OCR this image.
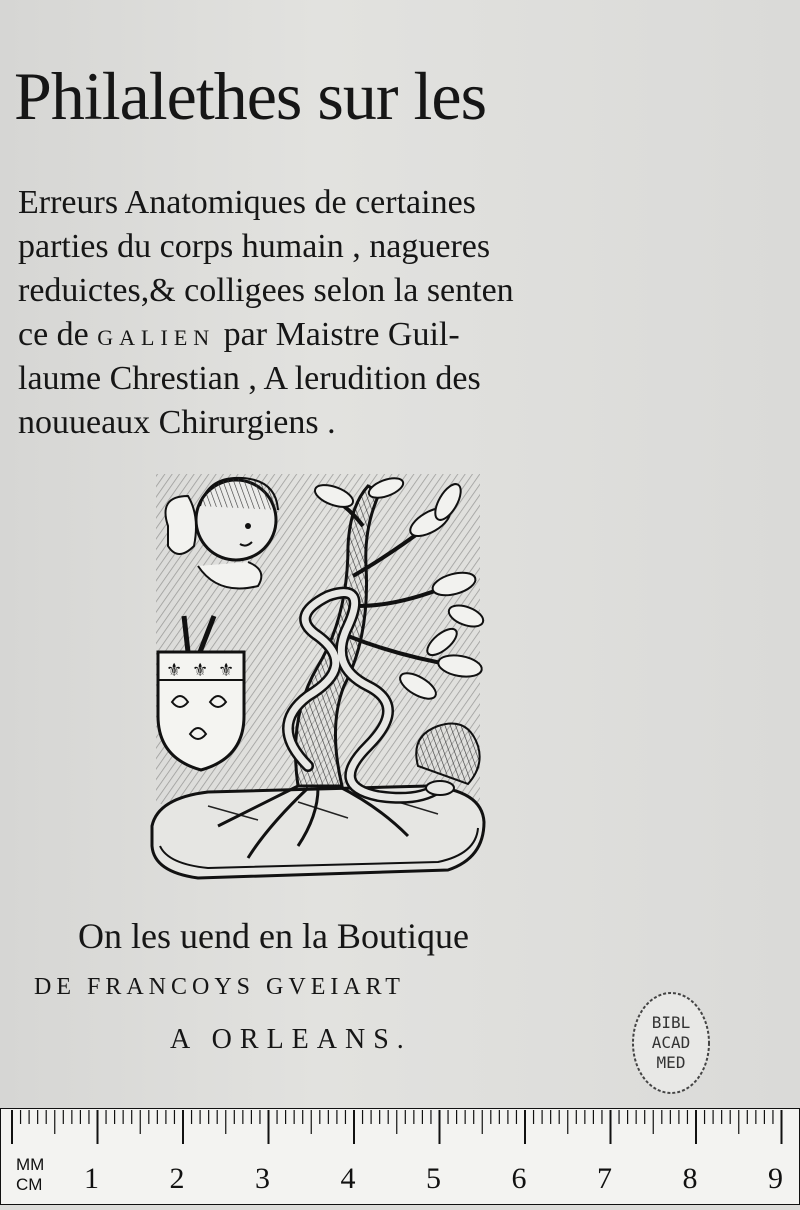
Philalethes sur les

Erreurs Anatomiques de certaines

parties du corps humain , nagueres

reduictes,& colligees selon la senten

ce de GALIEN par Maistre Guil-

laume Chrestian , A lerudition des

nouueaux Chirurgiens .

⚜ ⚜ ⚜

On les uend en la Boutique

DE FRANCOYS GVEIART

A ORLEANS.

BIBL
ACAD
MED
MM
CM 1 2 3 4 5 6 7 8 9
